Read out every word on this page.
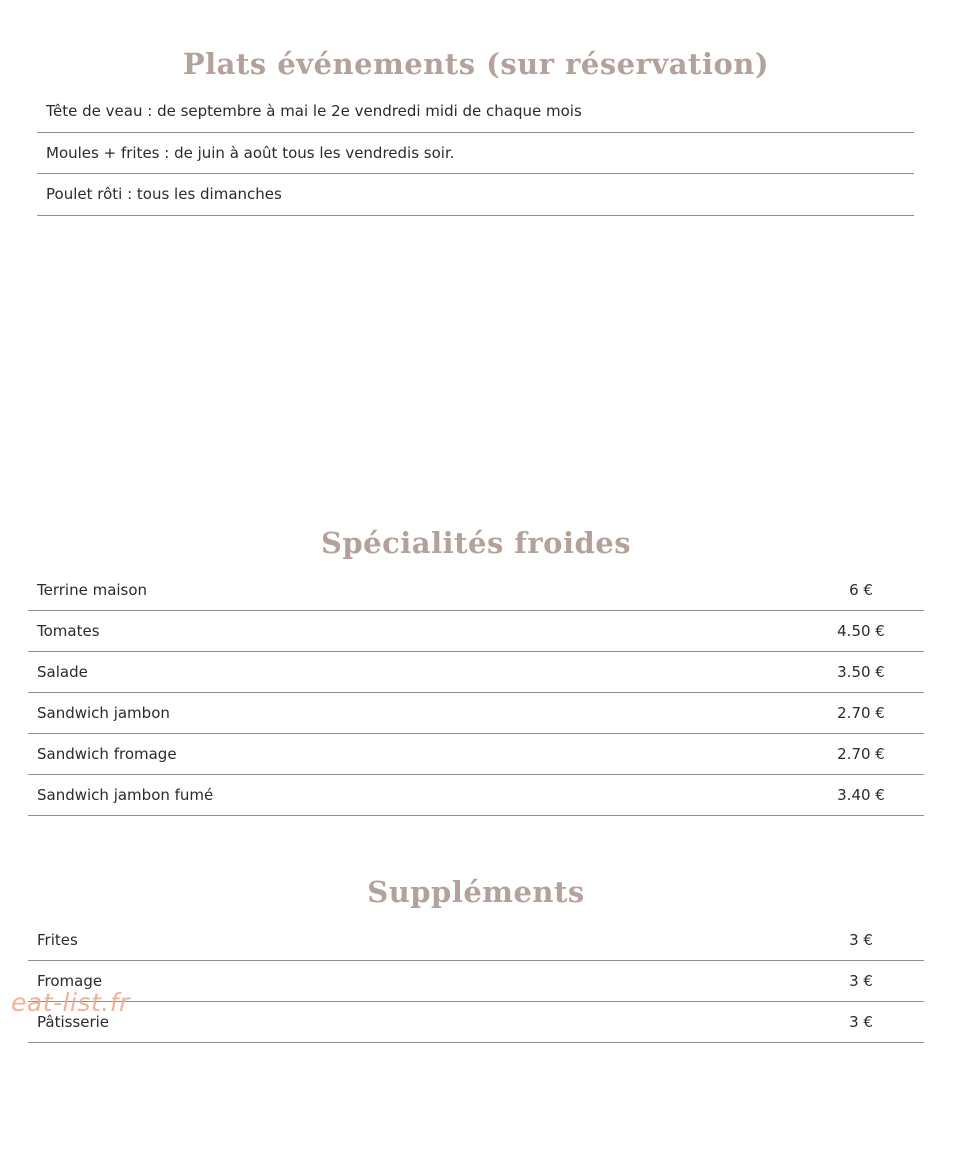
Plats événements (sur réservation)
Tête de veau : de septembre à mai le 2e vendredi midi de chaque mois
Moules + frites : de juin à août tous les vendredis soir.
Poulet rôti : tous les dimanches
Spécialités froides
Terrine maison	6 €
Tomates	4.50 €
Salade	3.50 €
Sandwich jambon	2.70 €
Sandwich fromage	2.70 €
Sandwich jambon fumé	3.40 €
Suppléments
Frites	3 €
Fromage	3 €
Pâtisserie	3 €
eat-list.fr
